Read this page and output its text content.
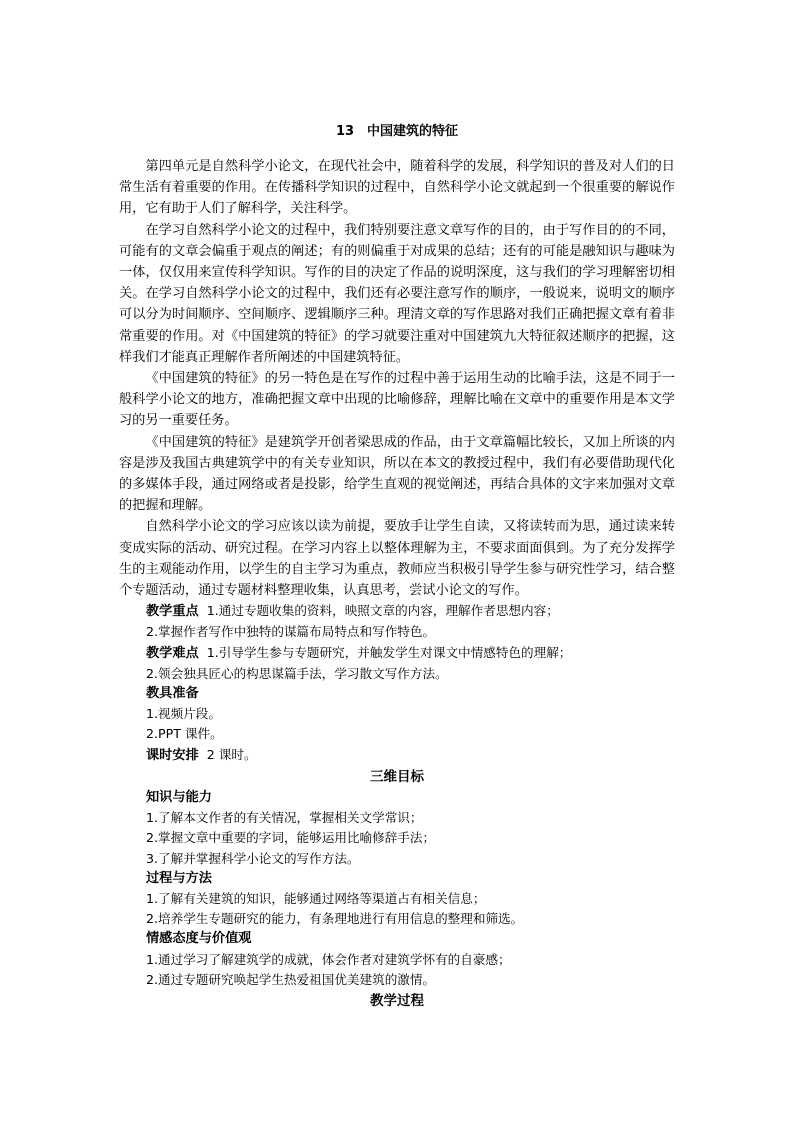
13　中国建筑的特征

第四单元是自然科学小论文，在现代社会中，随着科学的发展，科学知识的普及对人们的日常生活有着重要的作用。在传播科学知识的过程中，自然科学小论文就起到一个很重要的解说作用，它有助于人们了解科学，关注科学。

在学习自然科学小论文的过程中，我们特别要注意文章写作的目的，由于写作目的的不同，可能有的文章会偏重于观点的阐述；有的则偏重于对成果的总结；还有的可能是融知识与趣味为一体，仅仅用来宣传科学知识。写作的目的决定了作品的说明深度，这与我们的学习理解密切相关。在学习自然科学小论文的过程中，我们还有必要注意写作的顺序，一般说来，说明文的顺序可以分为时间顺序、空间顺序、逻辑顺序三种。理清文章的写作思路对我们正确把握文章有着非常重要的作用。对《中国建筑的特征》的学习就要注重对中国建筑九大特征叙述顺序的把握，这样我们才能真正理解作者所阐述的中国建筑特征。

《中国建筑的特征》的另一特色是在写作的过程中善于运用生动的比喻手法，这是不同于一般科学小论文的地方，准确把握文章中出现的比喻修辞，理解比喻在文章中的重要作用是本文学习的另一重要任务。

《中国建筑的特征》是建筑学开创者梁思成的作品，由于文章篇幅比较长，又加上所谈的内容是涉及我国古典建筑学中的有关专业知识，所以在本文的教授过程中，我们有必要借助现代化的多媒体手段，通过网络或者是投影，给学生直观的视觉阐述，再结合具体的文字来加强对文章的把握和理解。

自然科学小论文的学习应该以读为前提，要放手让学生自读，又将读转而为思，通过读来转变成实际的活动、研究过程。在学习内容上以整体理解为主，不要求面面俱到。为了充分发挥学生的主观能动作用，以学生的自主学习为重点，教师应当积极引导学生参与研究性学习，结合整个专题活动，通过专题材料整理收集，认真思考，尝试小论文的写作。

教学重点 1.通过专题收集的资料，映照文章的内容，理解作者思想内容；

2.掌握作者写作中独特的谋篇布局特点和写作特色。

教学难点 1.引导学生参与专题研究，并触发学生对课文中情感特色的理解；

2.领会独具匠心的构思谋篇手法，学习散文写作方法。

教具准备

1.视频片段。

2.PPT 课件。

课时安排 2 课时。

三维目标

知识与能力

1.了解本文作者的有关情况，掌握相关文学常识；

2.掌握文章中重要的字词，能够运用比喻修辞手法；

3.了解并掌握科学小论文的写作方法。

过程与方法

1.了解有关建筑的知识，能够通过网络等渠道占有相关信息；

2.培养学生专题研究的能力，有条理地进行有用信息的整理和筛选。

情感态度与价值观

1.通过学习了解建筑学的成就，体会作者对建筑学怀有的自豪感；

2.通过专题研究唤起学生热爱祖国优美建筑的激情。

教学过程
